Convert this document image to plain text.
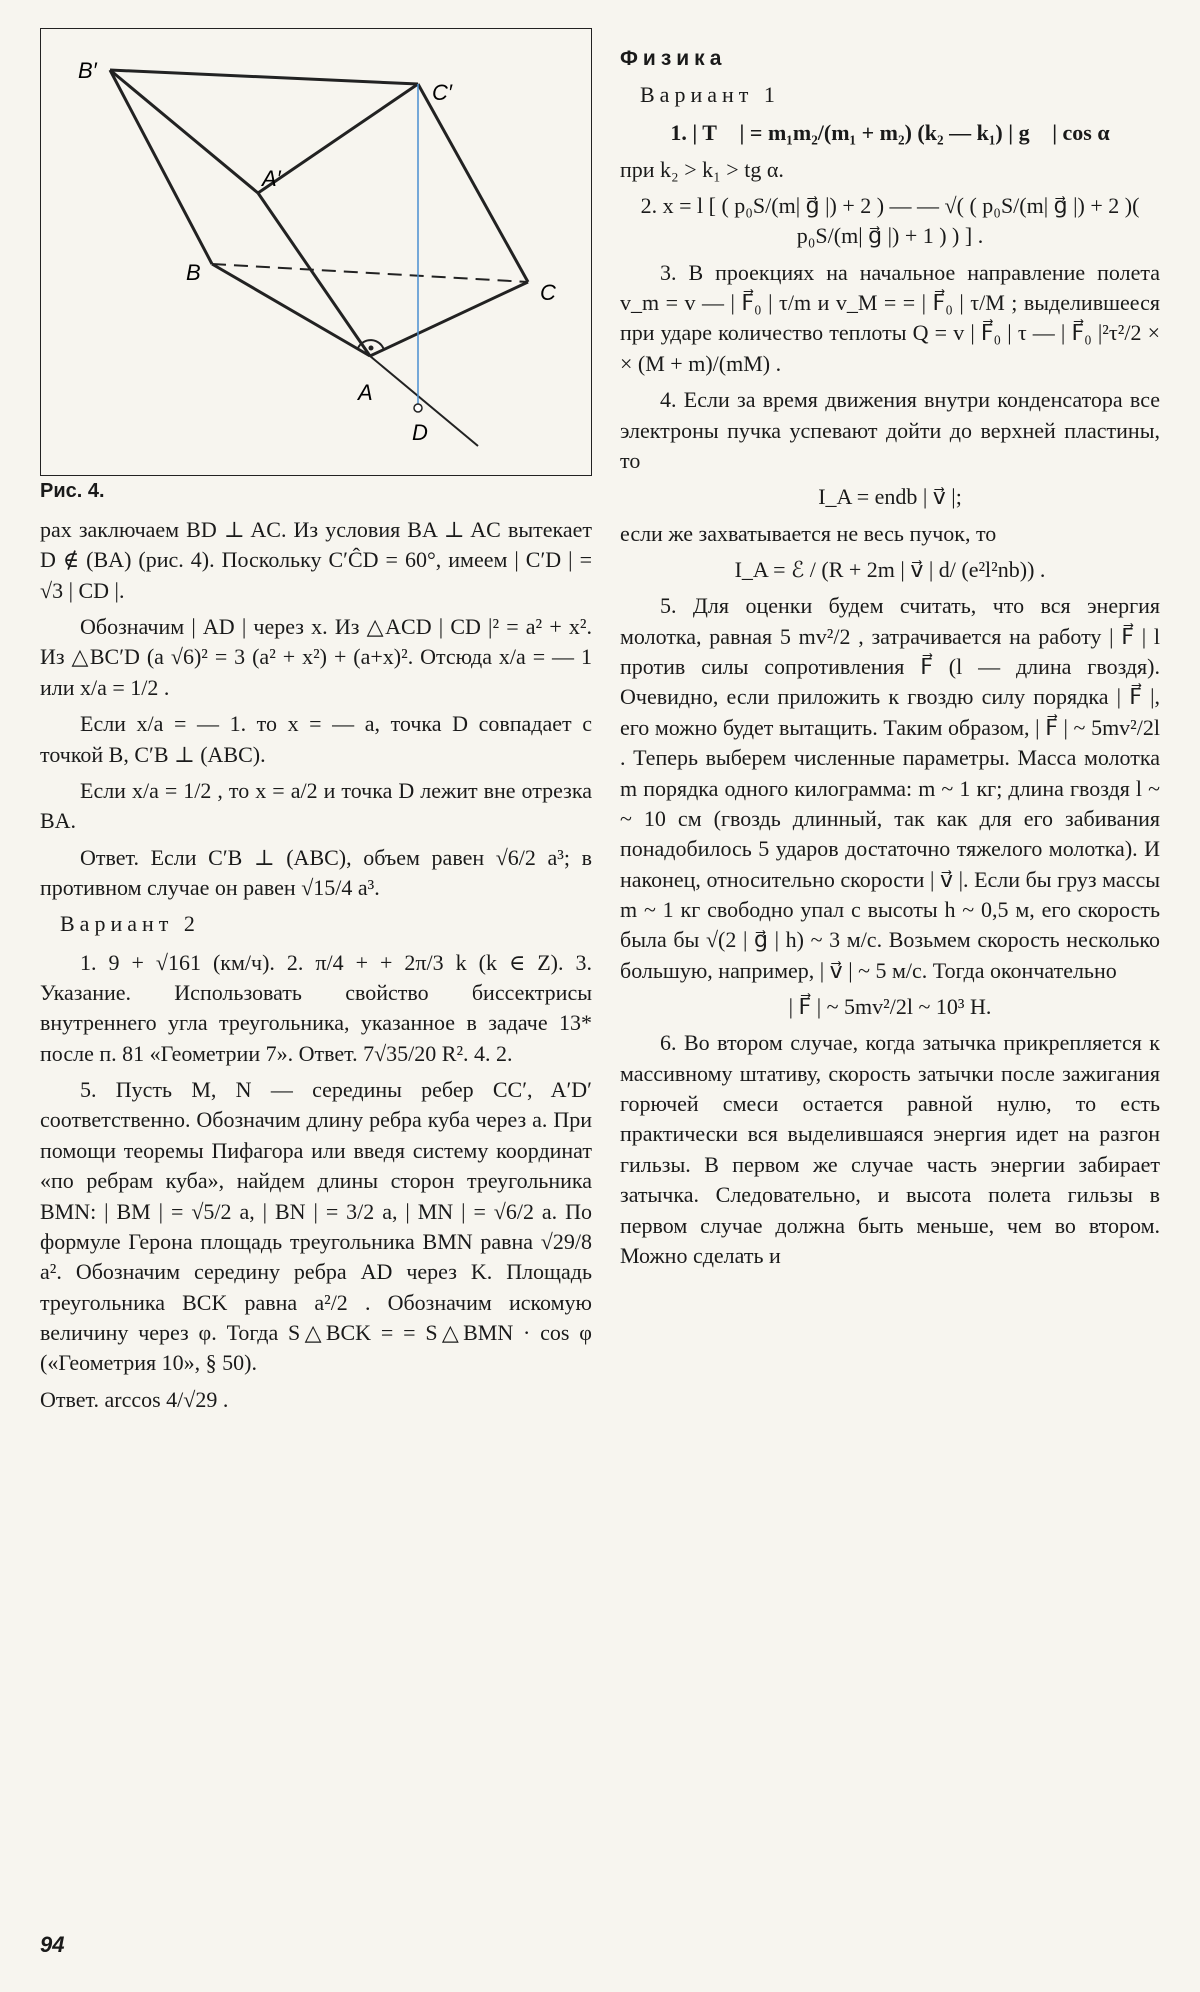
B′
C′
A′
B
C
A
D
Рис. 4.

рах заключаем BD ⊥ AC. Из условия BA ⊥ AC вытекает D ∉ (BA) (рис. 4). Поскольку C′ĈD = 60°, имеем | C′D | = √3 | CD |.

Обозначим | AD | через x. Из △ACD | CD |² = a² + x². Из △BC′D (a √6)² = 3 (a² + x²) + (a+x)². Отсюда x/a = — 1 или x/a = 1/2 .

Если x/a = — 1. то x = — a, точка D совпадает с точкой B, C′B ⊥ (ABC).

Если x/a = 1/2 , то x = a/2 и точка D лежит вне отрезка BA.

Ответ. Если C′B ⊥ (ABC), объем равен √6/2 a³; в противном случае он равен √15/4 a³.

Вариант 2

1. 9 + √161 (км/ч). 2. π/4 + + 2π/3 k (k ∈ Z). 3. Указание. Использовать свойство биссектрисы внутреннего угла треугольника, указанное в задаче 13* после п. 81 «Геометрии 7». Ответ. 7√35/20 R². 4. 2.

5. Пусть M, N — середины ребер CC′, A′D′ соответственно. Обозначим длину ребра куба через a. При помощи теоремы Пифагора или введя систему координат «по ребрам куба», найдем длины сторон треугольника BMN: | BM | = √5/2 a, | BN | = 3/2 a, | MN | = √6/2 a. По формуле Герона площадь треугольника BMN равна √29/8 a². Обозначим середину ребра AD через K. Площадь треугольника BCK равна a²/2 . Обозначим искомую величину через φ. Тогда S△BCK = = S△BMN · cos φ («Геометрия 10», § 50).

Ответ. arccos 4/√29 .

Физика
Вариант 1

1. | T⃗ | = m₁m₂/(m₁ + m₂) (k₂ — k₁) | g⃗ | cos α

при k₂ > k₁ > tg α.

2. x = l [ ( p₀S/(m| g⃗ |) + 2 ) — — √( ( p₀S/(m| g⃗ |) + 2 )( p₀S/(m| g⃗ |) + 1 ) ) ] .

3. В проекциях на начальное направление полета v_m = v — | F⃗₀ | τ/m и v_M = = | F⃗₀ | τ/M ; выделившееся при ударе количество теплоты Q = v | F⃗₀ | τ — | F⃗₀ |²τ²/2 × × (M + m)/(mM) .

4. Если за время движения внутри конденсатора все электроны пучка успевают дойти до верхней пластины, то

I_A = endb | v⃗ |;

если же захватывается не весь пучок, то

I_A = ℰ / (R + 2m | v⃗ | d/ (e²l²nb)) .

5. Для оценки будем считать, что вся энергия молотка, равная 5 mv²/2 , затрачивается на работу | F⃗ | l против силы сопротивления F⃗ (l — длина гвоздя). Очевидно, если приложить к гвоздю силу порядка | F⃗ |, его можно будет вытащить. Таким образом, | F⃗ | ~ 5mv²/2l . Теперь выберем численные параметры. Масса молотка m порядка одного килограмма: m ~ 1 кг; длина гвоздя l ~ ~ 10 см (гвоздь длинный, так как для его забивания понадобилось 5 ударов достаточно тяжелого молотка). И наконец, относительно скорости | v⃗ |. Если бы груз массы m ~ 1 кг свободно упал с высоты h ~ 0,5 м, его скорость была бы √(2 | g⃗ | h) ~ 3 м/с. Возьмем скорость несколько большую, например, | v⃗ | ~ 5 м/с. Тогда окончательно

| F⃗ | ~ 5mv²/2l ~ 10³ H.

6. Во втором случае, когда затычка прикрепляется к массивному штативу, скорость затычки после зажигания горючей смеси остается равной нулю, то есть практически вся выделившаяся энергия идет на разгон гильзы. В первом же случае часть энергии забирает затычка. Следовательно, и высота полета гильзы в первом случае должна быть меньше, чем во втором. Можно сделать и

94
